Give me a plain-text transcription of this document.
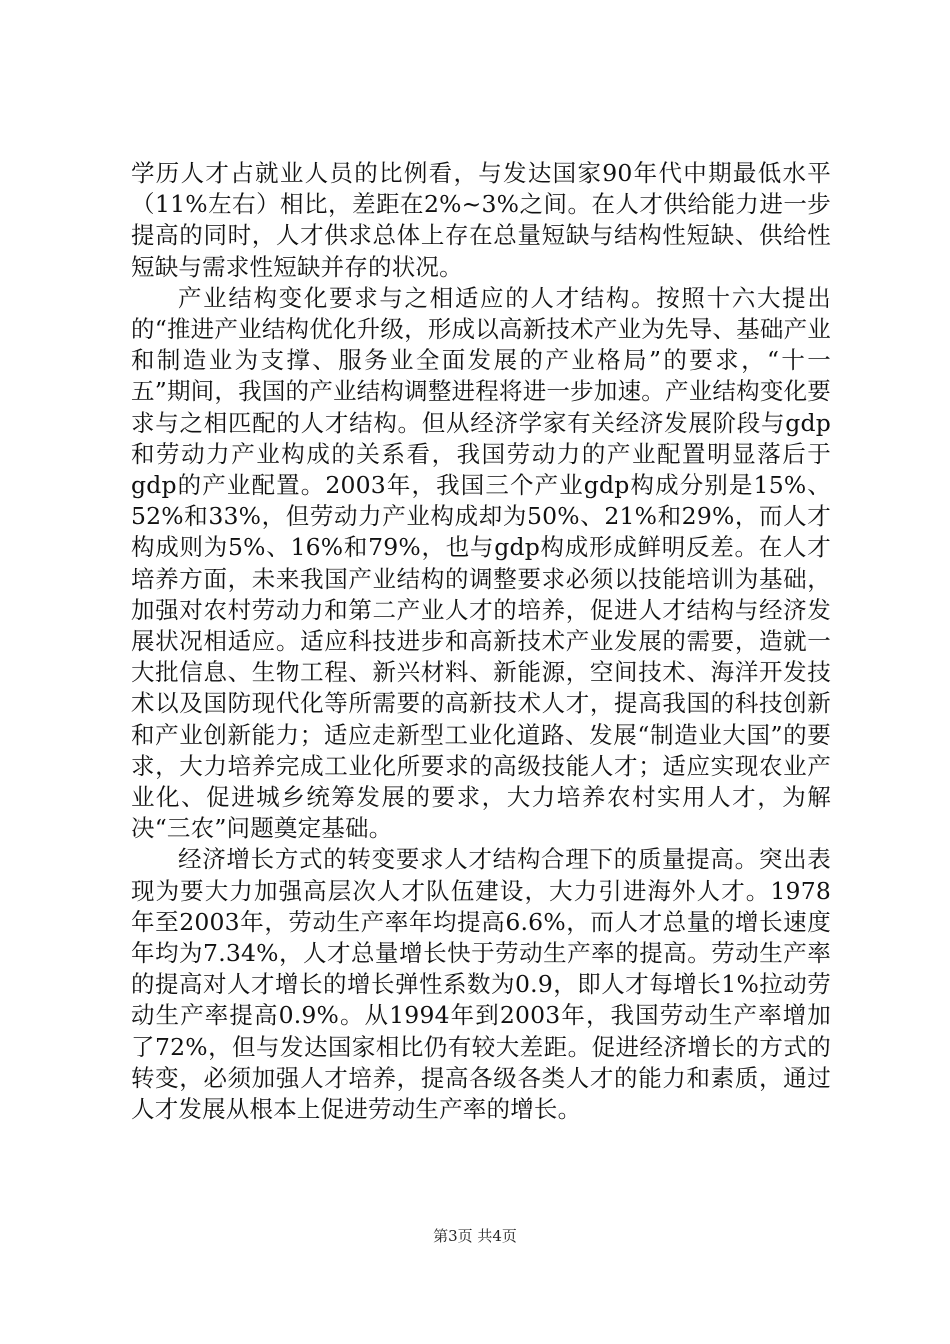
学历人才占就业人员的比例看，与发达国家90年代中期最低水平（11%左右）相比，差距在2%~3%之间。在人才供给能力进一步提高的同时，人才供求总体上存在总量短缺与结构性短缺、供给性短缺与需求性短缺并存的状况。

产业结构变化要求与之相适应的人才结构。按照十六大提出的“推进产业结构优化升级，形成以高新技术产业为先导、基础产业和制造业为支撑、服务业全面发展的产业格局”的要求，“十一五”期间，我国的产业结构调整进程将进一步加速。产业结构变化要求与之相匹配的人才结构。但从经济学家有关经济发展阶段与gdp和劳动力产业构成的关系看，我国劳动力的产业配置明显落后于gdp的产业配置。2003年，我国三个产业gdp构成分别是15%、52%和33%，但劳动力产业构成却为50%、21%和29%，而人才构成则为5%、16%和79%，也与gdp构成形成鲜明反差。在人才培养方面，未来我国产业结构的调整要求必须以技能培训为基础，加强对农村劳动力和第二产业人才的培养，促进人才结构与经济发展状况相适应。适应科技进步和高新技术产业发展的需要，造就一大批信息、生物工程、新兴材料、新能源，空间技术、海洋开发技术以及国防现代化等所需要的高新技术人才，提高我国的科技创新和产业创新能力；适应走新型工业化道路、发展“制造业大国”的要求，大力培养完成工业化所要求的高级技能人才；适应实现农业产业化、促进城乡统筹发展的要求，大力培养农村实用人才，为解决“三农”问题奠定基础。

经济增长方式的转变要求人才结构合理下的质量提高。突出表现为要大力加强高层次人才队伍建设，大力引进海外人才。1978年至2003年，劳动生产率年均提高6.6%，而人才总量的增长速度年均为7.34%，人才总量增长快于劳动生产率的提高。劳动生产率的提高对人才增长的增长弹性系数为0.9，即人才每增长1%拉动劳动生产率提高0.9%。从1994年到2003年，我国劳动生产率增加了72%，但与发达国家相比仍有较大差距。促进经济增长的方式的转变，必须加强人才培养，提高各级各类人才的能力和素质，通过人才发展从根本上促进劳动生产率的增长。

第3页 共4页
